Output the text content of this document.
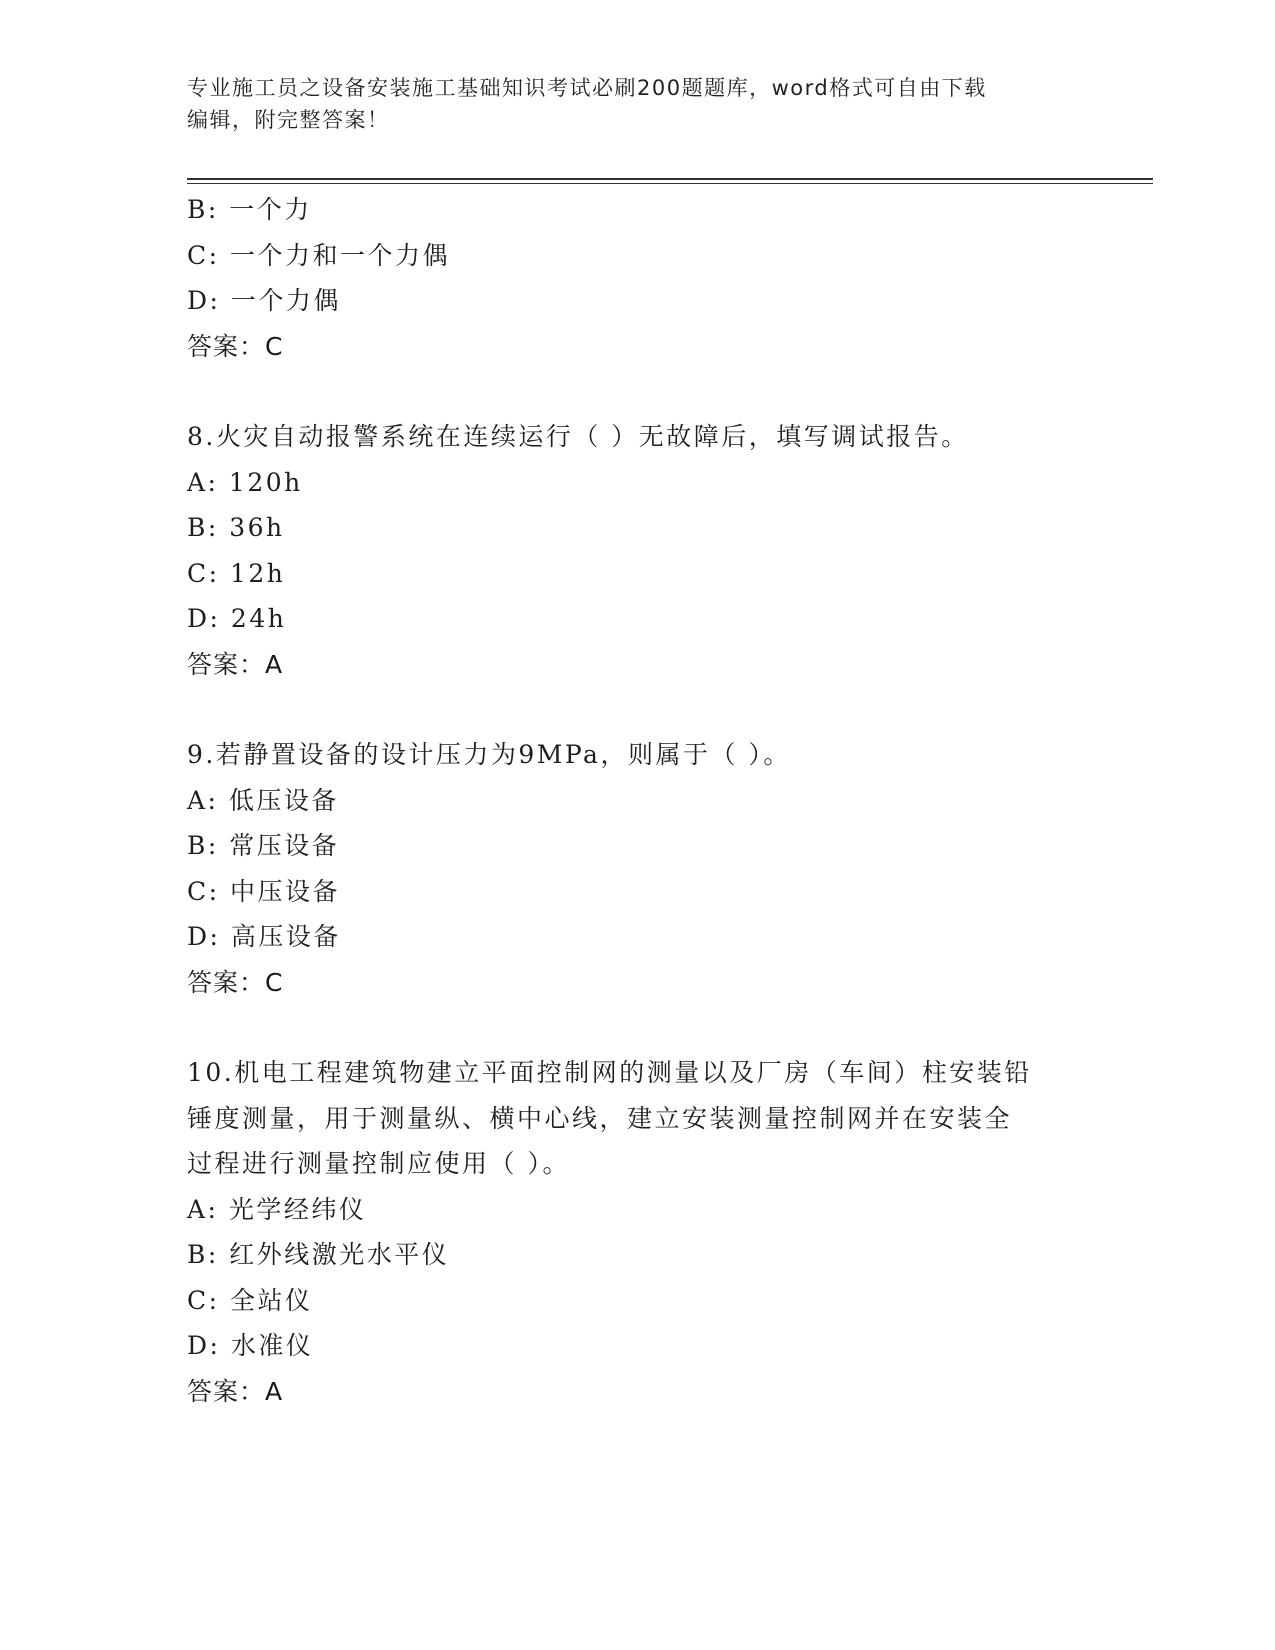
专业施工员之设备安装施工基础知识考试必刷200题题库，word格式可自由下载
编辑，附完整答案！
B: 一个力
C: 一个力和一个力偶
D: 一个力偶
答案：C
8.火灾自动报警系统在连续运行（ ）无故障后，填写调试报告。
A: 120h
B: 36h
C: 12h
D: 24h
答案：A
9.若静置设备的设计压力为9MPa，则属于（ ）。
A: 低压设备
B: 常压设备
C: 中压设备
D: 高压设备
答案：C
10.机电工程建筑物建立平面控制网的测量以及厂房（车间）柱安装铅
锤度测量，用于测量纵、横中心线，建立安装测量控制网并在安装全
过程进行测量控制应使用（ ）。
A: 光学经纬仪
B: 红外线激光水平仪
C: 全站仪
D: 水准仪
答案：A
